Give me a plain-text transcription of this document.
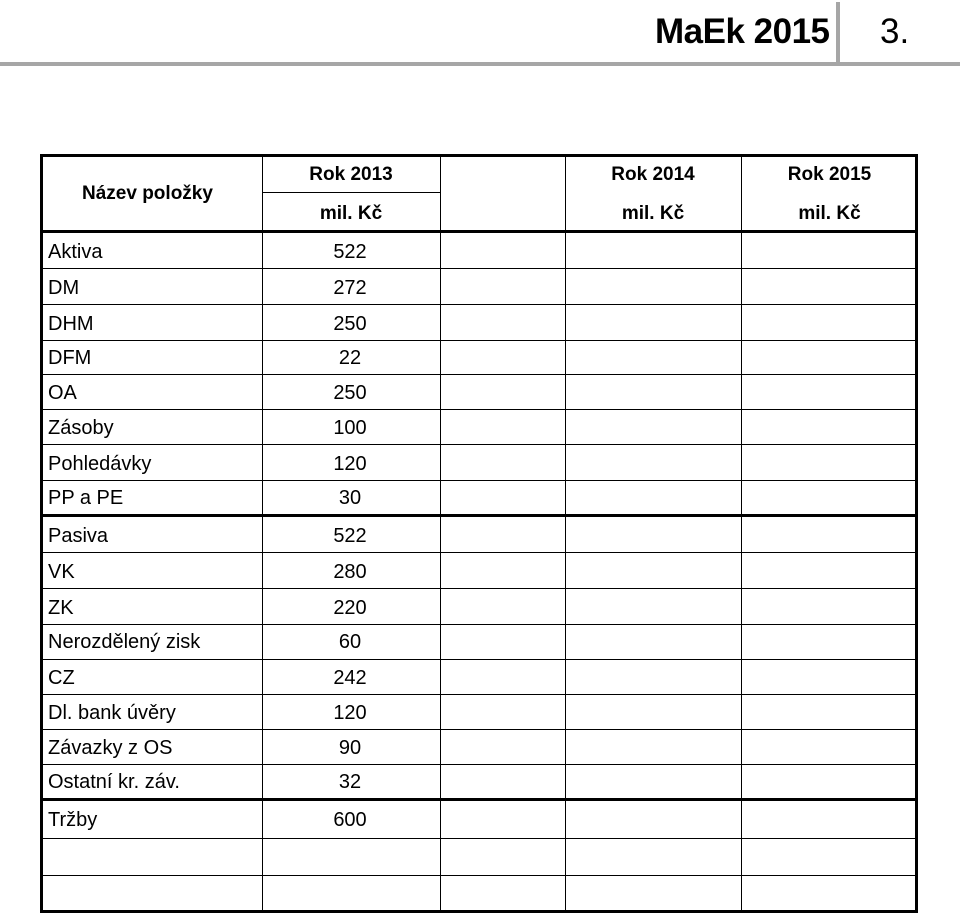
MaEk 2015 3.
Název položky
Rok 2013
mil. Kč
Rok 2014
mil. Kč
Rok 2015
mil. Kč
Aktiva
DM
DHM
DFM
OA
Zásoby
Pohledávky
PP a PE
Pasiva
VK
ZK
Nerozdělený zisk
CZ
Dl. bank úvěry
Závazky z OS
Ostatní kr. záv.
Tržby
522
272
250
22
250
100
120
30
522
280
220
60
242
120
90
32
600
